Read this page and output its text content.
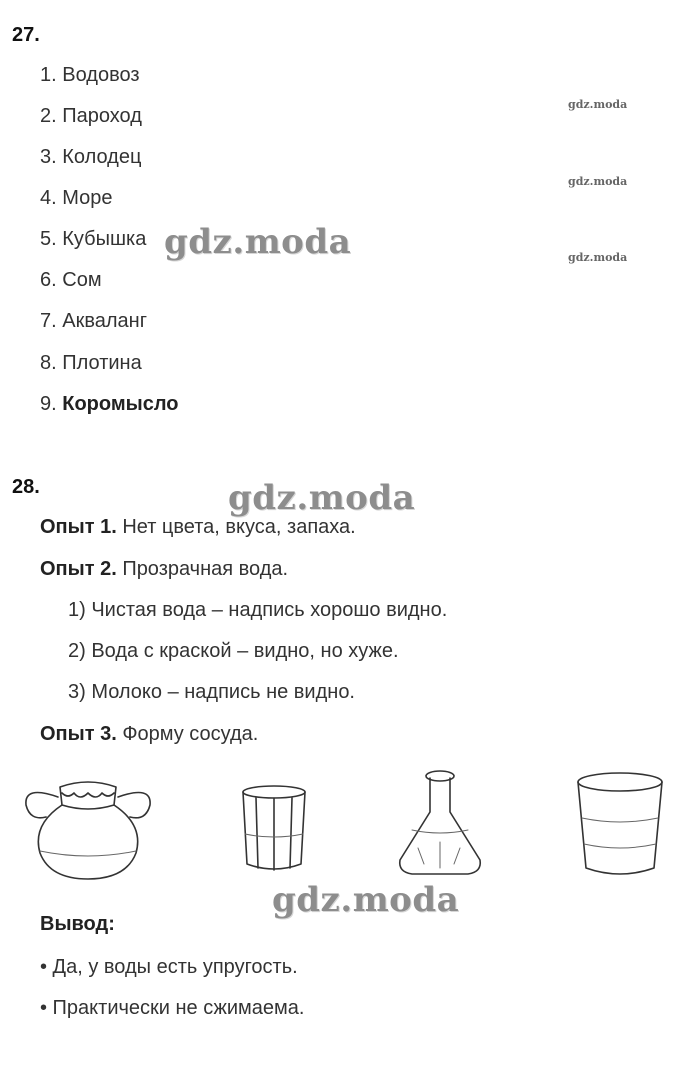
27.
1. Водовоз
2. Пароход
3. Колодец
4. Море
5. Кубышка
6. Сом
7. Акваланг
8. Плотина
9. Коромысло
28.
Опыт 1. Нет цвета, вкуса, запаха.
Опыт 2. Прозрачная вода.
1) Чистая вода – надпись хорошо видно.
2) Вода с краской – видно, но хуже.
3) Молоко – надпись не видно.
Опыт 3. Форму сосуда.
Вывод:
• Да, у воды есть упругость.
• Практически не сжимаема.
gdz.moda
gdz.moda
gdz.moda
gdz.moda
gdz.moda
gdz.moda
